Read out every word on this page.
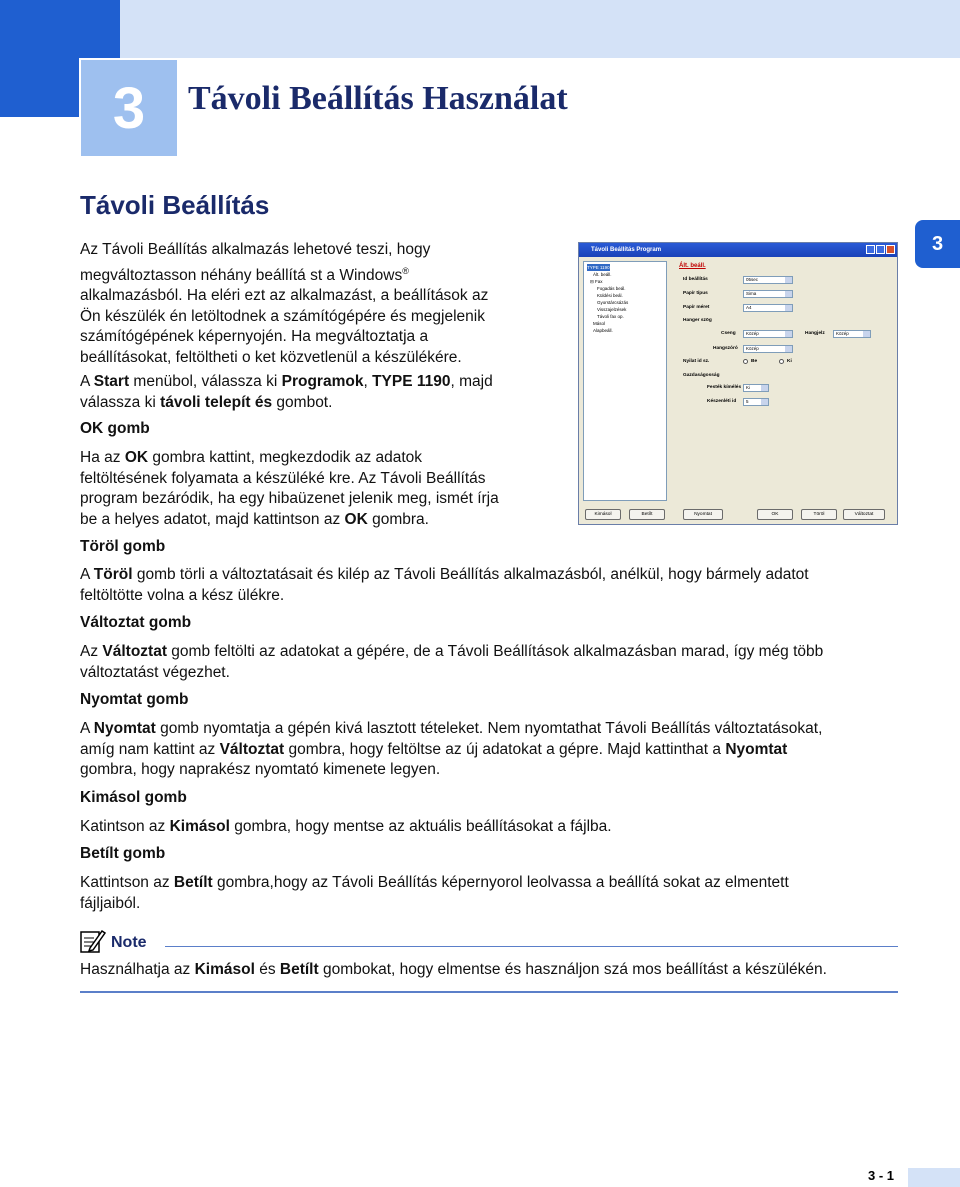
3 Távoli Beállítás Használat
3
Távoli Beállítás
Az Távoli Beállítás alkalmazás lehetové teszi, hogy
megváltoztasson néhány beállítá st a Windows®
alkalmazásból. Ha eléri ezt az alkalmazást, a beállítások az
Ön készülék én letöltodnek a számítógépére és megjelenik
számítógépének képernyojén. Ha megváltoztatja a
beállításokat, feltöltheti o ket közvetlenül a készülékére.
A Start menübol, válassza ki Programok, TYPE 1190, majd
válassza ki távoli telepít és gombot.
OK gomb
Ha az OK gombra kattint, megkezdodik az adatok
feltöltésének folyamata a készüléké kre. Az Távoli Beállítás
program bezáródik, ha egy hibaüzenet jelenik meg, ismét írja
be a helyes adatot, majd kattintson az OK gombra.
Távoli Beállítás Program
TYPE 1190
Ált. beáll.
⊟ Fax
Fogadás beál.
Küldési beál.
Gyorstárcsázás
Visszajelzések
Távoli fax op.
Másol
Alapbeáll.
Ált. beáll.
Id beállítás	05sec
Papír típus	Sima
Papír méret	A4
Hanger szög
Cseng	Közép	Hangjelz	Közép
Hangszóró	Közép
Nyilat id sz.	Be	Ki
Gazdaságosság
Festék kímélés	Ki
Készenléti id	5
Kimásol	Betílt	Nyomtat	OK	Töröl	Változtat
Töröl gomb
A Töröl gomb törli a változtatásait és kilép az Távoli Beállítás alkalmazásból, anélkül, hogy bármely adatot
feltöltötte volna a kész ülékre.
Változtat gomb
Az Változtat gomb feltölti az adatokat a gépére, de a Távoli Beállítások alkalmazásban marad, így még több
változtatást végezhet.
Nyomtat gomb
A Nyomtat gomb nyomtatja a gépén kivá lasztott tételeket. Nem nyomtathat Távoli Beállítás változtatásokat,
amíg nam kattint az Változtat gombra, hogy feltöltse az új adatokat a gépre. Majd kattinthat a Nyomtat
gombra, hogy naprakész nyomtató kimenete legyen.
Kimásol gomb
Katintson az Kimásol gombra, hogy mentse az aktuális beállításokat a fájlba.
Betílt gomb
Kattintson az Betílt gombra,hogy az Távoli Beállítás képernyorol leolvassa a beállítá sokat az elmentett
fájljaiból.
Note
Használhatja az Kimásol és Betílt gombokat, hogy elmentse és használjon szá mos beállítást a készülékén.
3 - 1
